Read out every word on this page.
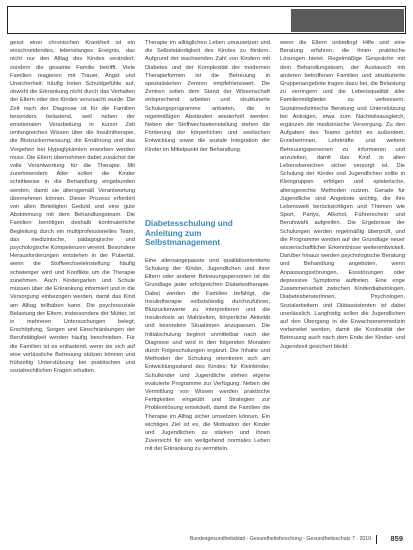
gesst einer chronischen Krankheit ist ein einschneidendes, lebenslanges Ereignis, das nicht nur den Alltag des Kindes verändert, sondern die gesamte Familie betrifft. Viele Familien reagieren mit Trauer, Angst und Unsicherheit; häufig treten Schuldgefühle auf, obwohl die Erkrankung nicht durch das Verhalten der Eltern oder des Kindes verursacht wurde. Die Zeit nach der Diagnose ist für die Familien besonders belastend, weil neben der emotionalen Verarbeitung in kurzer Zeit umfangreiches Wissen über die Insulintherapie, die Blutzuckermessung, die Ernährung und das Vorgehen bei Hypoglykämien erworben werden muss. Die Eltern übernehmen dabei zunächst die volle Verantwortung für die Therapie. Mit zunehmendem Alter sollen die Kinder schrittweise in die Behandlung eingebunden werden, damit sie altersgemäß Verantwortung übernehmen können. Dieser Prozess erfordert von allen Beteiligten Geduld und eine gute Abstimmung mit dem Behandlungsteam. Die Familien benötigen deshalb kontinuierliche Begleitung durch ein multiprofessionelles Team, das medizinische, pädagogische und psychologische Kompetenzen vereint. Besondere Herausforderungen entstehen in der Pubertät, wenn die Stoffwechseleinstellung häufig schwieriger wird und Konflikte um die Therapie zunehmen. Auch Kindergarten und Schule müssen über die Erkrankung informiert und in die Versorgung einbezogen werden, damit das Kind am Alltag teilhaben kann. Die psychosoziale Belastung der Eltern, insbesondere der Mütter, ist in mehreren Untersuchungen belegt; Erschöpfung, Sorgen und Einschränkungen der Berufstätigkeit werden häufig beschrieben. Für die Familien ist es entlastend, wenn sie sich auf eine verlässliche Betreuung stützen können und frühzeitig Unterstützung bei praktischen und sozialrechtlichen Fragen erhalten.

Therapie im alltäglichen Leben umzusetzen und die Selbstständigkeit des Kindes zu fördern. Aufgrund der wachsenden Zahl von Kindern mit Diabetes und der Komplexität der modernen Therapieformen ist die Betreuung in spezialisierten Zentren empfehlenswert. Die Zentren sollen dem Stand der Wissenschaft entsprechend arbeiten und strukturierte Schulungsprogramme anbieten, die in regelmäßigen Abständen wiederholt werden. Neben der Stoffwechseleinstellung stehen die Förderung der körperlichen und seelischen Entwicklung sowie die soziale Integration der Kinder im Mittelpunkt der Behandlung.

Diabetesschulung und Anleitung zum Selbstmanagement

Eine altersangepasste und qualitätsorientierte Schulung der Kinder, Jugendlichen und ihrer Eltern oder anderer Betreuungspersonen ist die Grundlage jeder erfolgreichen Diabetestherapie. Dabei werden die Familien befähigt, die Insulintherapie selbstständig durchzuführen, Blutzuckerwerte zu interpretieren und die Insulindosis an Mahlzeiten, körperliche Aktivität und besondere Situationen anzupassen. Die Initialschulung beginnt unmittelbar nach der Diagnose und wird in den folgenden Monaten durch Folgeschulungen ergänzt. Die Inhalte und Methoden der Schulung orientieren sich am Entwicklungsstand des Kindes; für Kleinkinder, Schulkinder und Jugendliche stehen eigene evaluierte Programme zur Verfügung. Neben der Vermittlung von Wissen werden praktische Fertigkeiten eingeübt und Strategien zur Problemlösung entwickelt, damit die Familien die Therapie im Alltag sicher umsetzen können. Ein wichtiges Ziel ist es, die Motivation der Kinder und Jugendlichen zu stärken und ihnen Zuversicht für ein weitgehend normales Leben mit der Erkrankung zu vermitteln.

wenn die Eltern unbedingt Hilfe und eine Beratung erfahren, die ihnen praktische Lösungen bietet. Regelmäßige Gespräche mit dem Behandlungsteam, der Austausch mit anderen betroffenen Familien und strukturierte Gruppenangebote tragen dazu bei, die Belastung zu verringern und die Lebensqualität aller Familienmitglieder zu verbessern. Sozialmedizinische Beratung und Unterstützung bei Anträgen, etwa zum Nachteilsausgleich, ergänzen die medizinische Versorgung. Zu den Aufgaben des Teams gehört es außerdem, Erzieherinnen, Lehrkräfte und weitere Betreuungspersonen zu informieren und anzuleiten, damit das Kind in allen Lebensbereichen sicher versorgt ist. Die Schulung der Kinder und Jugendlichen sollte in Kleingruppen erfolgen und spielerische, altersgerechte Methoden nutzen. Gerade für Jugendliche sind Angebote wichtig, die ihre Lebenswelt berücksichtigen und Themen wie Sport, Partys, Alkohol, Führerschein und Berufswahl aufgreifen. Die Ergebnisse der Schulungen werden regelmäßig überprüft, und die Programme werden auf der Grundlage neuer wissenschaftlicher Erkenntnisse weiterentwickelt. Darüber hinaus werden psychologische Beratung und Behandlung angeboten, wenn Anpassungsstörungen, Essstörungen oder depressive Symptome auftreten. Eine enge Zusammenarbeit zwischen Kinderdiabetologen, Diabetesberaterinnen, Psychologen, Sozialarbeitern und Diätassistenten ist dabei unerlässlich. Langfristig sollen die Jugendlichen auf den Übergang in die Erwachsenenmedizin vorbereitet werden, damit die Kontinuität der Betreuung auch nach dem Ende der Kinder- und Jugendzeit gesichert bleibt.

Bundesgesundheitsblatt - Gesundheitsforschung - Gesundheitsschutz 7 · 2010	859
